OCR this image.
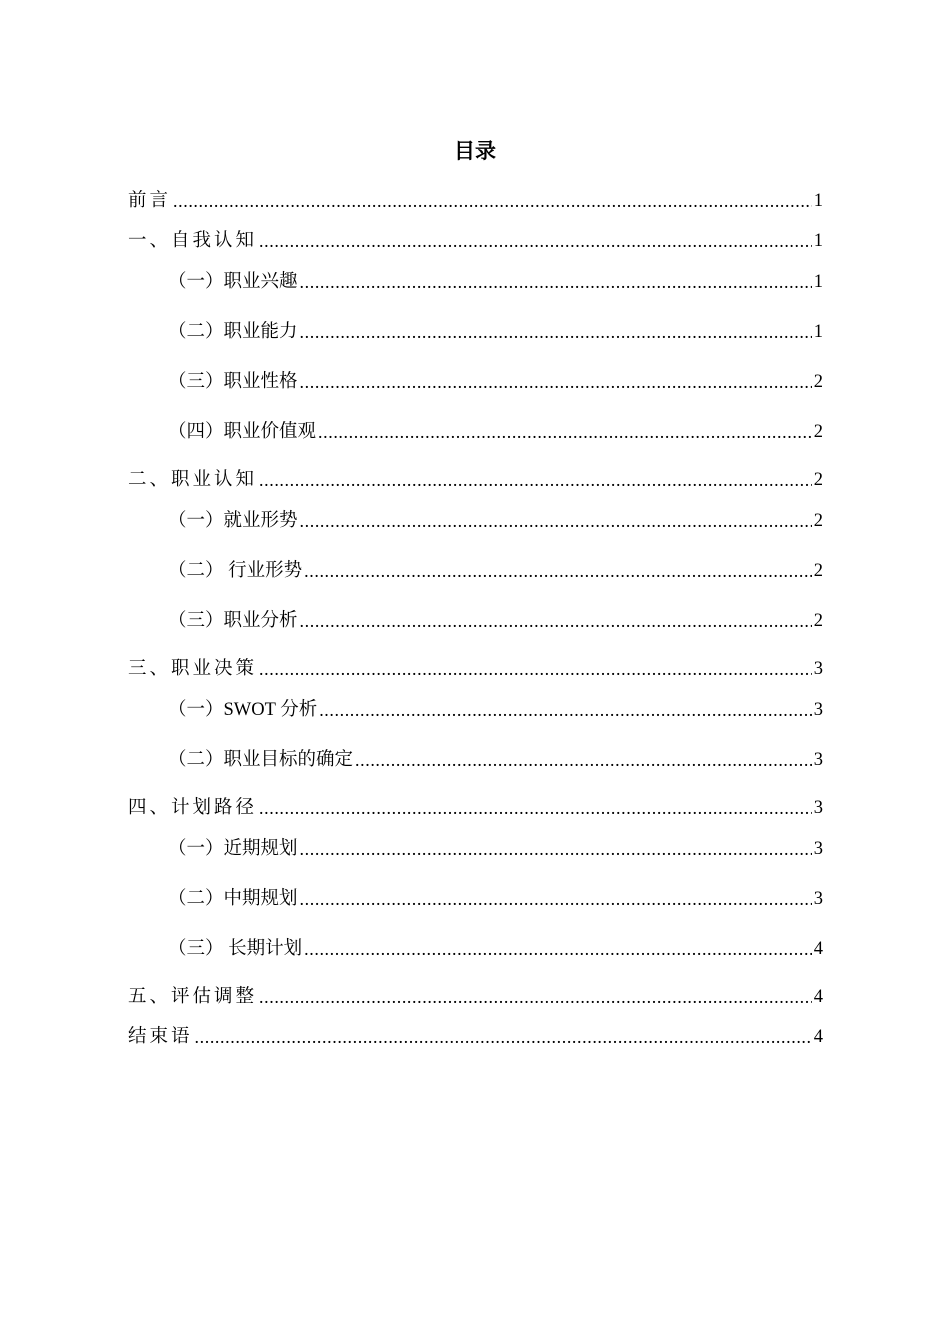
目录
前言 .....	1
一、自我认知 .....	1
（一）职业兴趣 .....	1
（二）职业能力 .....	1
（三）职业性格 .....	2
（四）职业价值观 .....	2
二、职业认知 .....	2
（一）就业形势 .....	2
（二） 行业形势 .....	2
（三）职业分析 .....	2
三、职业决策 .....	3
（一）SWOT 分析 .....	3
（二）职业目标的确定 .....	3
四、计划路径 .....	3
（一）近期规划 .....	3
（二）中期规划 .....	3
（三） 长期计划 .....	4
五、评估调整 .....	4
结束语 .....	4
